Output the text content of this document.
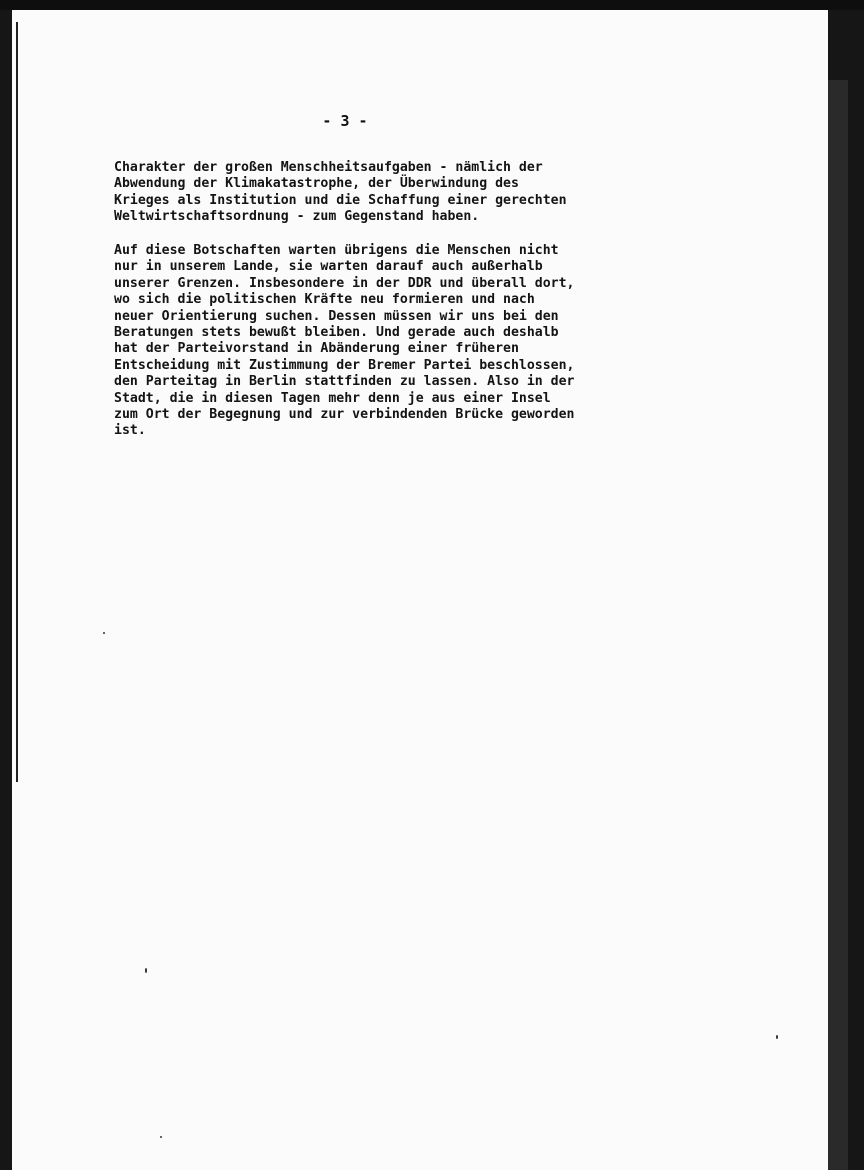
- 3 -
Charakter der großen Menschheitsaufgaben - nämlich der
Abwendung der Klimakatastrophe, der Überwindung des
Krieges als Institution und die Schaffung einer gerechten
Weltwirtschaftsordnung - zum Gegenstand haben.
Auf diese Botschaften warten übrigens die Menschen nicht
nur in unserem Lande, sie warten darauf auch außerhalb
unserer Grenzen. Insbesondere in der DDR und überall dort,
wo sich die politischen Kräfte neu formieren und nach
neuer Orientierung suchen. Dessen müssen wir uns bei den
Beratungen stets bewußt bleiben. Und gerade auch deshalb
hat der Parteivorstand in Abänderung einer früheren
Entscheidung mit Zustimmung der Bremer Partei beschlossen,
den Parteitag in Berlin stattfinden zu lassen. Also in der
Stadt, die in diesen Tagen mehr denn je aus einer Insel
zum Ort der Begegnung und zur verbindenden Brücke geworden
ist.
